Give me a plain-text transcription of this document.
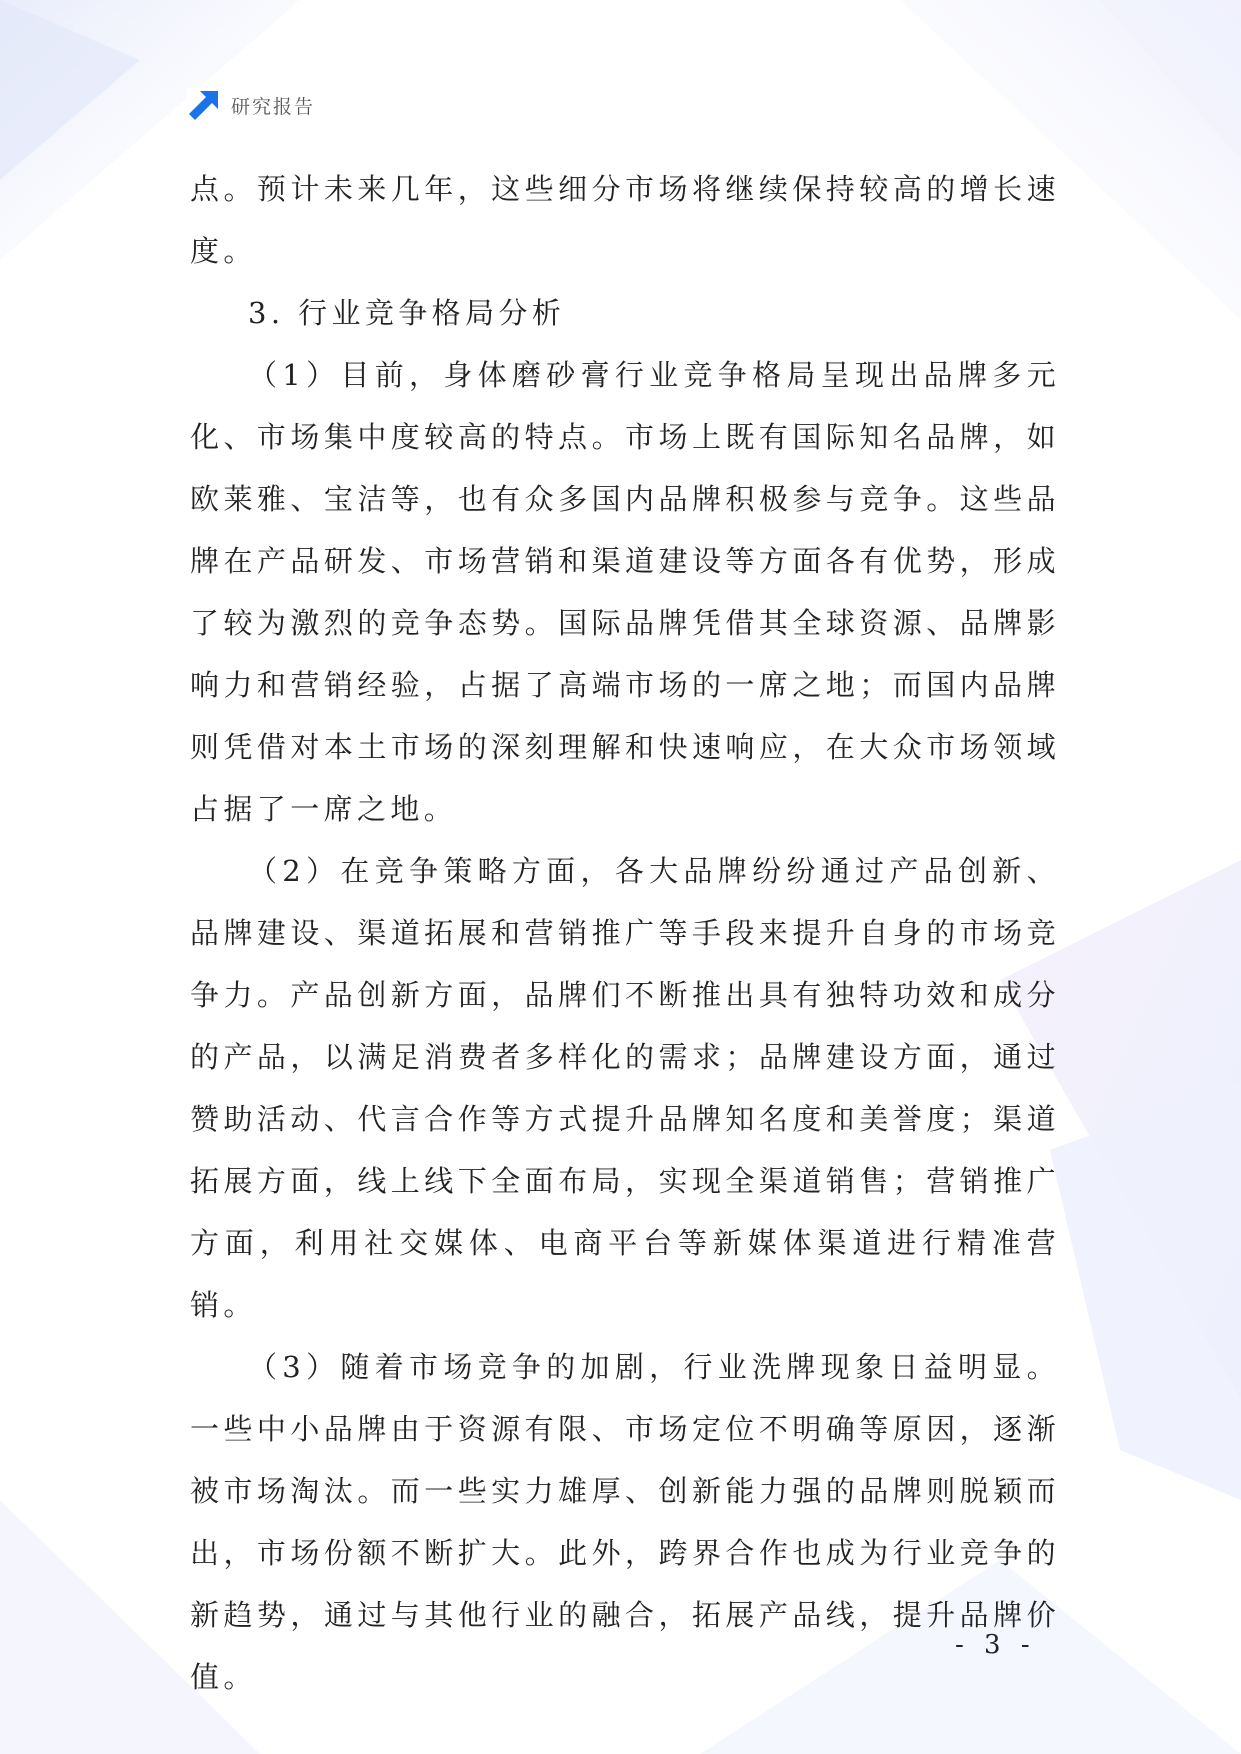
研究报告

点。预计未来几年，这些细分市场将继续保持较高的增长速度。

3. 行业竞争格局分析

（1）目前，身体磨砂膏行业竞争格局呈现出品牌多元化、市场集中度较高的特点。市场上既有国际知名品牌，如欧莱雅、宝洁等，也有众多国内品牌积极参与竞争。这些品牌在产品研发、市场营销和渠道建设等方面各有优势，形成了较为激烈的竞争态势。国际品牌凭借其全球资源、品牌影响力和营销经验，占据了高端市场的一席之地；而国内品牌则凭借对本土市场的深刻理解和快速响应，在大众市场领域占据了一席之地。

（2）在竞争策略方面，各大品牌纷纷通过产品创新、品牌建设、渠道拓展和营销推广等手段来提升自身的市场竞争力。产品创新方面，品牌们不断推出具有独特功效和成分的产品，以满足消费者多样化的需求；品牌建设方面，通过赞助活动、代言合作等方式提升品牌知名度和美誉度；渠道拓展方面，线上线下全面布局，实现全渠道销售；营销推广方面，利用社交媒体、电商平台等新媒体渠道进行精准营销。

（3）随着市场竞争的加剧，行业洗牌现象日益明显。一些中小品牌由于资源有限、市场定位不明确等原因，逐渐被市场淘汰。而一些实力雄厚、创新能力强的品牌则脱颖而出，市场份额不断扩大。此外，跨界合作也成为行业竞争的新趋势，通过与其他行业的融合，拓展产品线，提升品牌价值。

- 3 -
